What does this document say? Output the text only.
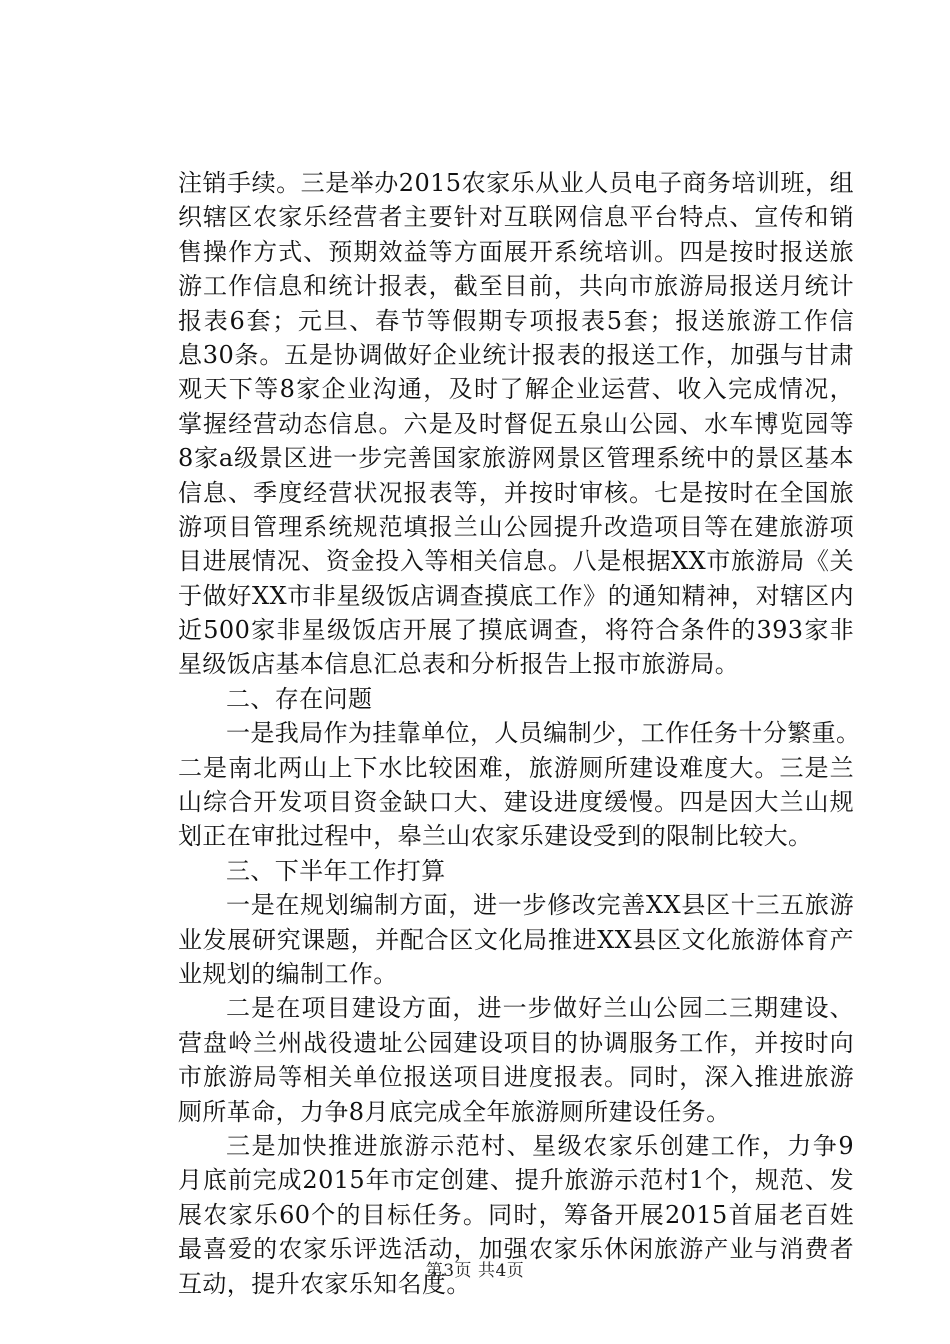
注销手续。三是举办2015农家乐从业人员电子商务培训班，组
织辖区农家乐经营者主要针对互联网信息平台特点、宣传和销
售操作方式、预期效益等方面展开系统培训。四是按时报送旅
游工作信息和统计报表，截至目前，共向市旅游局报送月统计
报表6套；元旦、春节等假期专项报表5套；报送旅游工作信
息30条。五是协调做好企业统计报表的报送工作，加强与甘肃
观天下等8家企业沟通，及时了解企业运营、收入完成情况，
掌握经营动态信息。六是及时督促五泉山公园、水车博览园等
8家a级景区进一步完善国家旅游网景区管理系统中的景区基本
信息、季度经营状况报表等，并按时审核。七是按时在全国旅
游项目管理系统规范填报兰山公园提升改造项目等在建旅游项
目进展情况、资金投入等相关信息。八是根据XX市旅游局《关
于做好XX市非星级饭店调查摸底工作》的通知精神，对辖区内
近500家非星级饭店开展了摸底调查，将符合条件的393家非
星级饭店基本信息汇总表和分析报告上报市旅游局。
二、存在问题
一是我局作为挂靠单位，人员编制少，工作任务十分繁重。
二是南北两山上下水比较困难，旅游厕所建设难度大。三是兰
山综合开发项目资金缺口大、建设进度缓慢。四是因大兰山规
划正在审批过程中，皋兰山农家乐建设受到的限制比较大。
三、下半年工作打算
一是在规划编制方面，进一步修改完善XX县区十三五旅游
业发展研究课题，并配合区文化局推进XX县区文化旅游体育产
业规划的编制工作。
二是在项目建设方面，进一步做好兰山公园二三期建设、
营盘岭兰州战役遗址公园建设项目的协调服务工作，并按时向
市旅游局等相关单位报送项目进度报表。同时，深入推进旅游
厕所革命，力争8月底完成全年旅游厕所建设任务。
三是加快推进旅游示范村、星级农家乐创建工作，力争9
月底前完成2015年市定创建、提升旅游示范村1个，规范、发
展农家乐60个的目标任务。同时，筹备开展2015首届老百姓
最喜爱的农家乐评选活动，加强农家乐休闲旅游产业与消费者
互动，提升农家乐知名度。
第3页 共4页
